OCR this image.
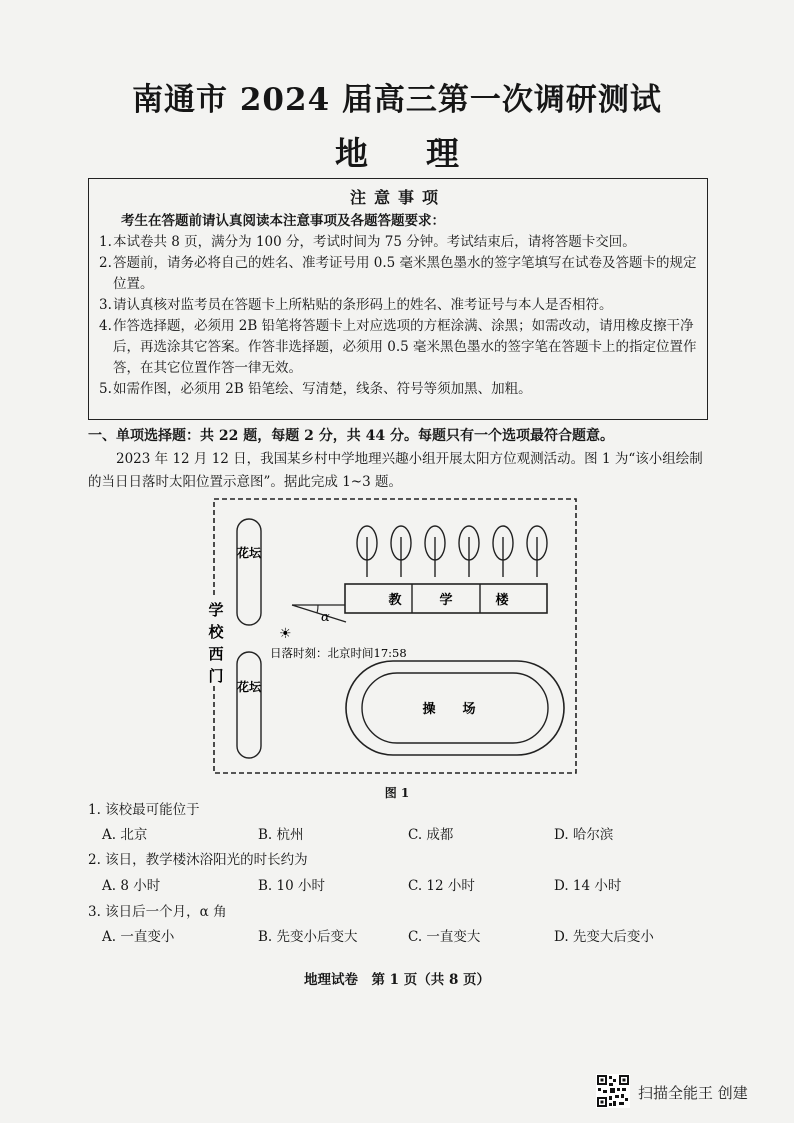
南通市 2024 届高三第一次调研测试
地理
注意事项
考生在答题前请认真阅读本注意事项及各题答题要求：
1.本试卷共 8 页，满分为 100 分，考试时间为 75 分钟。考试结束后，请将答题卡交回。
2.答题前，请务必将自己的姓名、准考证号用 0.5 毫米黑色墨水的签字笔填写在试卷及答题卡的规定位置。
3.请认真核对监考员在答题卡上所粘贴的条形码上的姓名、准考证号与本人是否相符。
4.作答选择题，必须用 2B 铅笔将答题卡上对应选项的方框涂满、涂黑；如需改动，请用橡皮擦干净后，再选涂其它答案。作答非选择题，必须用 0.5 毫米黑色墨水的签字笔在答题卡上的指定位置作答，在其它位置作答一律无效。
5.如需作图，必须用 2B 铅笔绘、写清楚，线条、符号等须加黑、加粗。
一、单项选择题：共 22 题，每题 2 分，共 44 分。每题只有一个选项最符合题意。
2023 年 12 月 12 日，我国某乡村中学地理兴趣小组开展太阳方位观测活动。图 1 为“该小组绘制的当日日落时太阳位置示意图”。据此完成 1~3 题。
花坛
花坛
教	学	楼
学校西门
α
☀
日落时刻：北京时间17:58
操 场
图 1
1. 该校最可能位于
A. 北京	B. 杭州	C. 成都	D. 哈尔滨
2. 该日，教学楼沐浴阳光的时长约为
A. 8 小时	B. 10 小时	C. 12 小时	D. 14 小时
3. 该日后一个月，α 角
A. 一直变小	B. 先变小后变大	C. 一直变大	D. 先变大后变小
地理试卷　第 1 页（共 8 页）
扫描全能王 创建
